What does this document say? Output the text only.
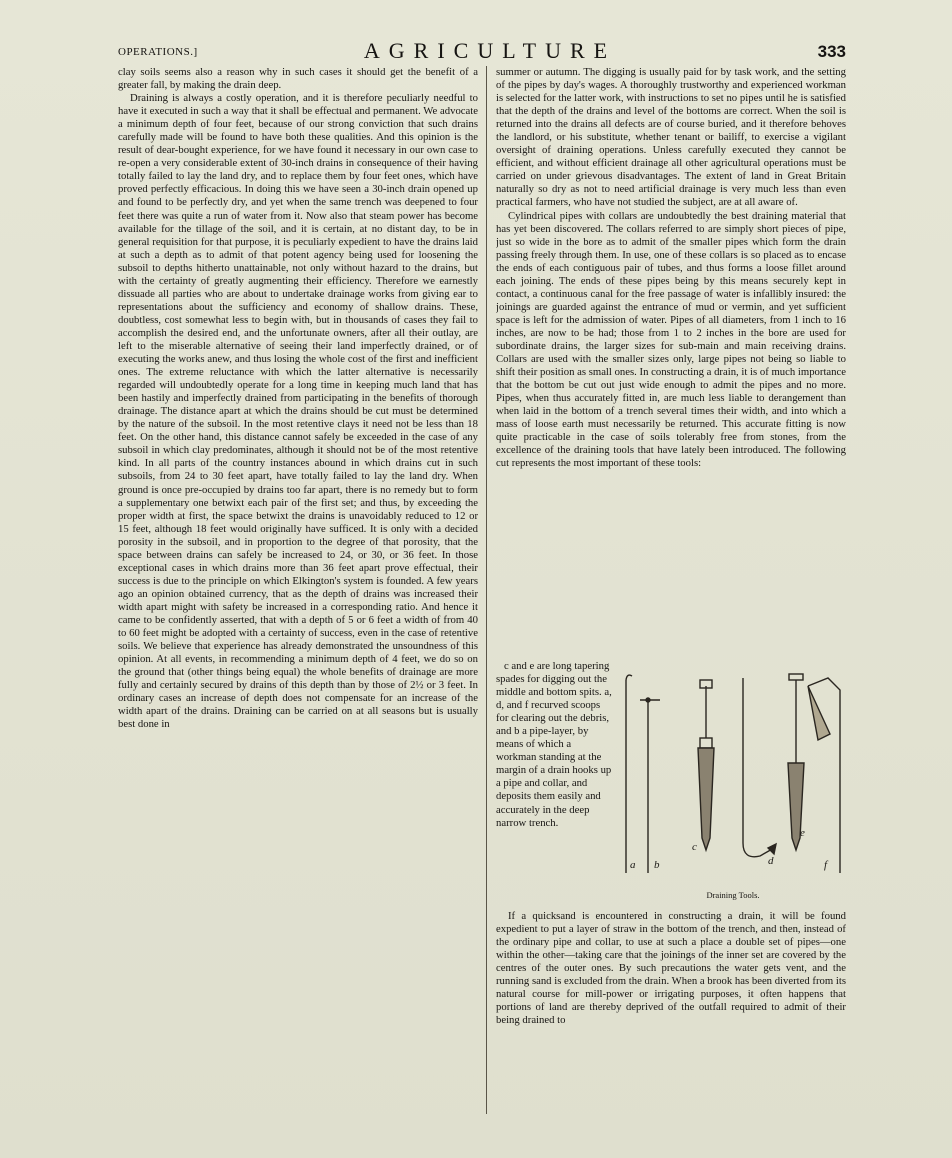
OPERATIONS.]	AGRICULTURE	333

clay soils seems also a reason why in such cases it should get the benefit of a greater fall, by making the drain deep.

Draining is always a costly operation, and it is therefore peculiarly needful to have it executed in such a way that it shall be effectual and permanent. We advocate a minimum depth of four feet, because of our strong conviction that such drains carefully made will be found to have both these qualities. And this opinion is the result of dear-bought experience, for we have found it necessary in our own case to re-open a very considerable extent of 30-inch drains in consequence of their having totally failed to lay the land dry, and to replace them by four feet ones, which have proved perfectly efficacious. In doing this we have seen a 30-inch drain opened up and found to be perfectly dry, and yet when the same trench was deepened to four feet there was quite a run of water from it. Now also that steam power has become available for the tillage of the soil, and it is certain, at no distant day, to be in general requisition for that purpose, it is peculiarly expedient to have the drains laid at such a depth as to admit of that potent agency being used for loosening the subsoil to depths hitherto unattainable, not only without hazard to the drains, but with the certainty of greatly augmenting their efficiency. Therefore we earnestly dissuade all parties who are about to undertake drainage works from giving ear to representations about the sufficiency and economy of shallow drains. These, doubtless, cost somewhat less to begin with, but in thousands of cases they fail to accomplish the desired end, and the unfortunate owners, after all their outlay, are left to the miserable alternative of seeing their land imperfectly drained, or of executing the works anew, and thus losing the whole cost of the first and inefficient ones. The extreme reluctance with which the latter alternative is necessarily regarded will undoubtedly operate for a long time in keeping much land that has been hastily and imperfectly drained from participating in the benefits of thorough drainage. The distance apart at which the drains should be cut must be determined by the nature of the subsoil. In the most retentive clays it need not be less than 18 feet. On the other hand, this distance cannot safely be exceeded in the case of any subsoil in which clay predominates, although it should not be of the most retentive kind. In all parts of the country instances abound in which drains cut in such subsoils, from 24 to 30 feet apart, have totally failed to lay the land dry. When ground is once pre-occupied by drains too far apart, there is no remedy but to form a supplementary one betwixt each pair of the first set; and thus, by exceeding the proper width at first, the space betwixt the drains is unavoidably reduced to 12 or 15 feet, although 18 feet would originally have sufficed. It is only with a decided porosity in the subsoil, and in proportion to the degree of that porosity, that the space between drains can safely be increased to 24, or 30, or 36 feet. In those exceptional cases in which drains more than 36 feet apart prove effectual, their success is due to the principle on which Elkington's system is founded. A few years ago an opinion obtained currency, that as the depth of drains was increased their width apart might with safety be increased in a corresponding ratio. And hence it came to be confidently asserted, that with a depth of 5 or 6 feet a width of from 40 to 60 feet might be adopted with a certainty of success, even in the case of retentive soils. We believe that experience has already demonstrated the unsoundness of this opinion. At all events, in recommending a minimum depth of 4 feet, we do so on the ground that (other things being equal) the whole benefits of drainage are more fully and certainly secured by drains of this depth than by those of 2½ or 3 feet. In ordinary cases an increase of depth does not compensate for an increase of the width apart of the drains. Draining can be carried on at all seasons but is usually best done in

summer or autumn. The digging is usually paid for by task work, and the setting of the pipes by day's wages. A thoroughly trustworthy and experienced workman is selected for the latter work, with instructions to set no pipes until he is satisfied that the depth of the drains and level of the bottoms are correct. When the soil is returned into the drains all defects are of course buried, and it therefore behoves the landlord, or his substitute, whether tenant or bailiff, to exercise a vigilant oversight of draining operations. Unless carefully executed they cannot be efficient, and without efficient drainage all other agricultural operations must be carried on under grievous disadvantages. The extent of land in Great Britain naturally so dry as not to need artificial drainage is very much less than even practical farmers, who have not studied the subject, are at all aware of.

Cylindrical pipes with collars are undoubtedly the best draining material that has yet been discovered. The collars referred to are simply short pieces of pipe, just so wide in the bore as to admit of the smaller pipes which form the drain passing freely through them. In use, one of these collars is so placed as to encase the ends of each contiguous pair of tubes, and thus forms a loose fillet around each joining. The ends of these pipes being by this means securely kept in contact, a continuous canal for the free passage of water is infallibly insured: the joinings are guarded against the entrance of mud or vermin, and yet sufficient space is left for the admission of water. Pipes of all diameters, from 1 inch to 16 inches, are now to be had; those from 1 to 2 inches in the bore are used for subordinate drains, the larger sizes for sub-main and main receiving drains. Collars are used with the smaller sizes only, large pipes not being so liable to shift their position as small ones. In constructing a drain, it is of much importance that the bottom be cut out just wide enough to admit the pipes and no more. Pipes, when thus accurately fitted in, are much less liable to derangement than when laid in the bottom of a trench several times their width, and into which a mass of loose earth must necessarily be returned. This accurate fitting is now quite practicable in the case of soils tolerably free from stones, from the excellence of the draining tools that have lately been introduced. The following cut represents the most important of these tools:

c and e are long tapering spades for digging out the middle and bottom spits. a, d, and f recurved scoops for clearing out the debris, and b a pipe-layer, by means of which a workman standing at the margin of a drain hooks up a pipe and collar, and deposits them easily and accurately in the deep narrow trench.

a b
c
d
e
f
Draining Tools.

If a quicksand is encountered in constructing a drain, it will be found expedient to put a layer of straw in the bottom of the trench, and then, instead of the ordinary pipe and collar, to use at such a place a double set of pipes—one within the other—taking care that the joinings of the inner set are covered by the centres of the outer ones. By such precautions the water gets vent, and the running sand is excluded from the drain. When a brook has been diverted from its natural course for mill-power or irrigating purposes, it often happens that portions of land are thereby deprived of the outfall required to admit of their being drained to
